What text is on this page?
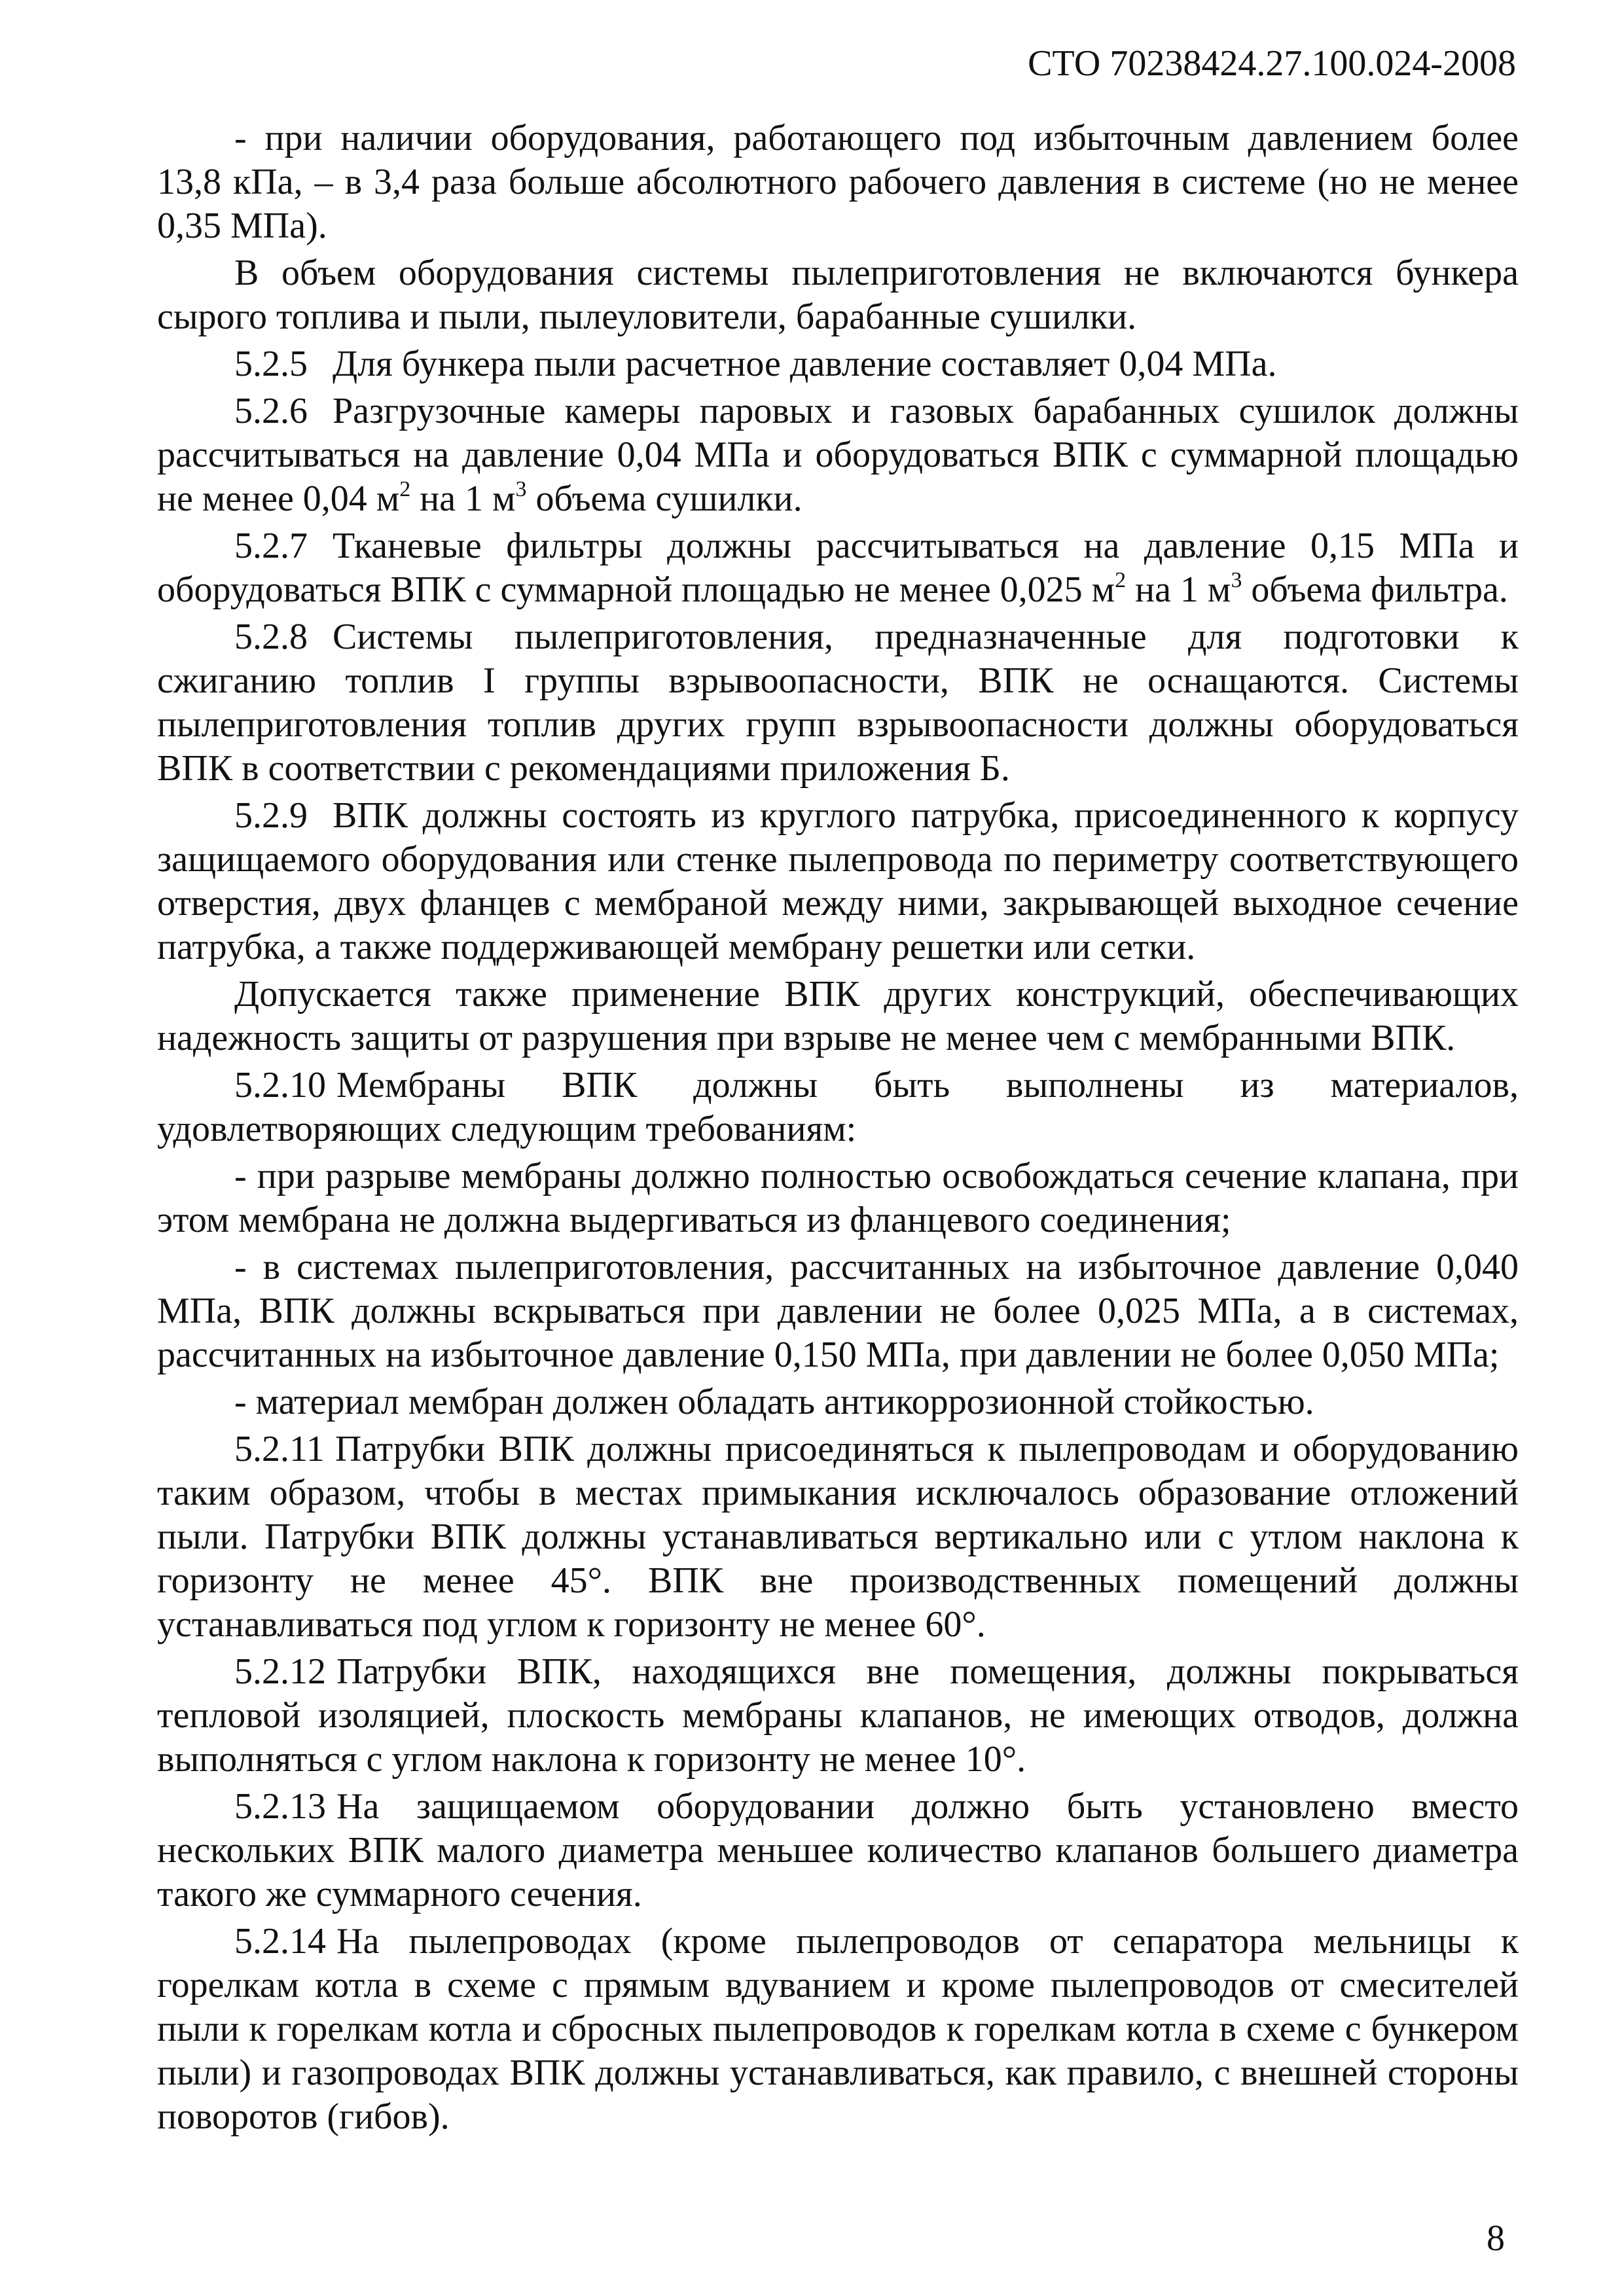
СТО 70238424.27.100.024-2008

- при наличии оборудования, работающего под избыточным давлением более 13,8 кПа, – в 3,4 раза больше абсолютного рабочего давления в системе (но не менее 0,35 МПа).

В объем оборудования системы пылеприготовления не включаются бункера сырого топлива и пыли, пылеуловители, барабанные сушилки.

5.2.5 Для бункера пыли расчетное давление составляет 0,04 МПа.

5.2.6 Разгрузочные камеры паровых и газовых барабанных сушилок должны рассчитываться на давление 0,04 МПа и оборудоваться ВПК с суммарной площадью не менее 0,04 $м^2$ на 1 $м^3$ объема сушилки.

5.2.7 Тканевые фильтры должны рассчитываться на давление 0,15 МПа и оборудоваться ВПК с суммарной площадью не менее 0,025 $м^2$ на 1 $м^3$ объема фильтра.

5.2.8 Системы пылеприготовления, предназначенные для подготовки к сжиганию топлив I группы взрывоопасности, ВПК не оснащаются. Системы пылеприготовления топлив других групп взрывоопасности должны оборудоваться ВПК в соответствии с рекомендациями приложения Б.

5.2.9 ВПК должны состоять из круглого патрубка, присоединенного к корпусу защищаемого оборудования или стенке пылепровода по периметру соответствующего отверстия, двух фланцев с мембраной между ними, закрывающей выходное сечение патрубка, а также поддерживающей мембрану решетки или сетки.

Допускается также применение ВПК других конструкций, обеспечивающих надежность защиты от разрушения при взрыве не менее чем с мембранными ВПК.

5.2.10 Мембраны ВПК должны быть выполнены из материалов, удовлетворяющих следующим требованиям:

- при разрыве мембраны должно полностью освобождаться сечение клапана, при этом мембрана не должна выдергиваться из фланцевого соединения;

- в системах пылеприготовления, рассчитанных на избыточное давление 0,040 МПа, ВПК должны вскрываться при давлении не более 0,025 МПа, а в системах, рассчитанных на избыточное давление 0,150 МПа, при давлении не более 0,050 МПа;

- материал мембран должен обладать антикоррозионной стойкостью.

5.2.11 Патрубки ВПК должны присоединяться к пылепроводам и оборудованию таким образом, чтобы в местах примыкания исключалось образование отложений пыли. Патрубки ВПК должны устанавливаться вертикально или с утлом наклона к горизонту не менее 45°. ВПК вне производственных помещений должны устанавливаться под углом к горизонту не менее 60°.

5.2.12 Патрубки ВПК, находящихся вне помещения, должны покрываться тепловой изоляцией, плоскость мембраны клапанов, не имеющих отводов, должна выполняться с углом наклона к горизонту не менее 10°.

5.2.13 На защищаемом оборудовании должно быть установлено вместо нескольких ВПК малого диаметра меньшее количество клапанов большего диаметра такого же суммарного сечения.

5.2.14 На пылепроводах (кроме пылепроводов от сепаратора мельницы к горелкам котла в схеме с прямым вдуванием и кроме пылепроводов от смесителей пыли к горелкам котла и сбросных пылепроводов к горелкам котла в схеме с бункером пыли) и газопроводах ВПК должны устанавливаться, как правило, с внешней стороны поворотов (гибов).

8
